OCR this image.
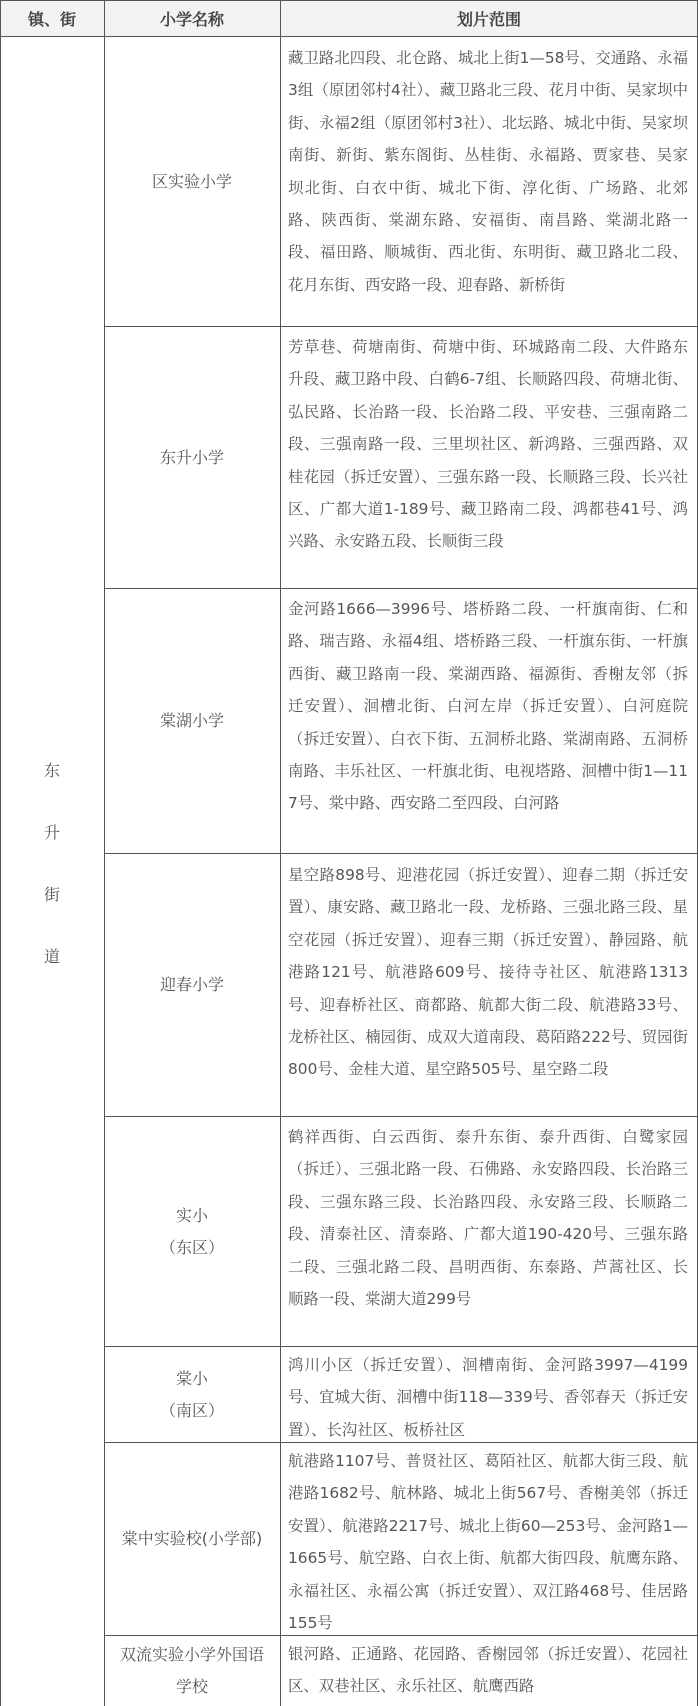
镇、街	小学名称	划片范围
东
升
街
道
区实验小学
藏卫路北四段、北仓路、城北上街1—58号、交通路、永福3组（原团邻村4社）、藏卫路北三段、花月中街、吴家坝中街、永福2组（原团邻村3社）、北坛路、城北中街、吴家坝南街、新街、紫东阁街、丛桂街、永福路、贾家巷、吴家坝北街、白衣中街、城北下街、淳化街、广场路、北郊路、陕西街、棠湖东路、安福街、南昌路、棠湖北路一段、福田路、顺城街、西北街、东明街、藏卫路北二段、花月东街、西安路一段、迎春路、新桥街
东升小学
芳草巷、荷塘南街、荷塘中街、环城路南二段、大件路东升段、藏卫路中段、白鹤6-7组、长顺路四段、荷塘北街、弘民路、长治路一段、长治路二段、平安巷、三强南路二段、三强南路一段、三里坝社区、新鸿路、三强西路、双桂花园（拆迁安置）、三强东路一段、长顺路三段、长兴社区、广都大道1-189号、藏卫路南二段、鸿都巷41号、鸿兴路、永安路五段、长顺街三段
棠湖小学
金河路1666—3996号、塔桥路二段、一杆旗南街、仁和路、瑞吉路、永福4组、塔桥路三段、一杆旗东街、一杆旗西街、藏卫路南一段、棠湖西路、福源街、香榭友邻（拆迁安置）、洄槽北街、白河左岸（拆迁安置）、白河庭院（拆迁安置）、白衣下街、五洞桥北路、棠湖南路、五洞桥南路、丰乐社区、一杆旗北街、电视塔路、洄槽中街1—117号、棠中路、西安路二至四段、白河路
迎春小学
星空路898号、迎港花园（拆迁安置）、迎春二期（拆迁安置）、康安路、藏卫路北一段、龙桥路、三强北路三段、星空花园（拆迁安置）、迎春三期（拆迁安置）、静园路、航港路121号、航港路609号、接待寺社区、航港路1313号、迎春桥社区、商都路、航都大街二段、航港路33号、龙桥社区、楠园街、成双大道南段、葛陌路222号、贸园街800号、金桂大道、星空路505号、星空路二段
实小
（东区）
鹤祥西街、白云西街、泰升东街、泰升西街、白鹭家园（拆迁）、三强北路一段、石佛路、永安路四段、长治路三段、三强东路三段、长治路四段、永安路三段、长顺路二段、清泰社区、清泰路、广都大道190-420号、三强东路二段、三强北路二段、昌明西街、东泰路、芦蒿社区、长顺路一段、棠湖大道299号
棠小
（南区）
鸿川小区（拆迁安置）、洄槽南街、金河路3997—4199号、宜城大街、洄槽中街118—339号、香邻春天（拆迁安置）、长沟社区、板桥社区
棠中实验校(小学部)
航港路1107号、普贤社区、葛陌社区、航都大街三段、航港路1682号、航林路、城北上街567号、香榭美邻（拆迁安置）、航港路2217号、城北上街60—253号、金河路1—1665号、航空路、白衣上街、航都大街四段、航鹰东路、永福社区、永福公寓（拆迁安置）、双江路468号、佳居路155号
双流实验小学外国语
学校
银河路、正通路、花园路、香榭园邻（拆迁安置）、花园社区、双巷社区、永乐社区、航鹰西路
